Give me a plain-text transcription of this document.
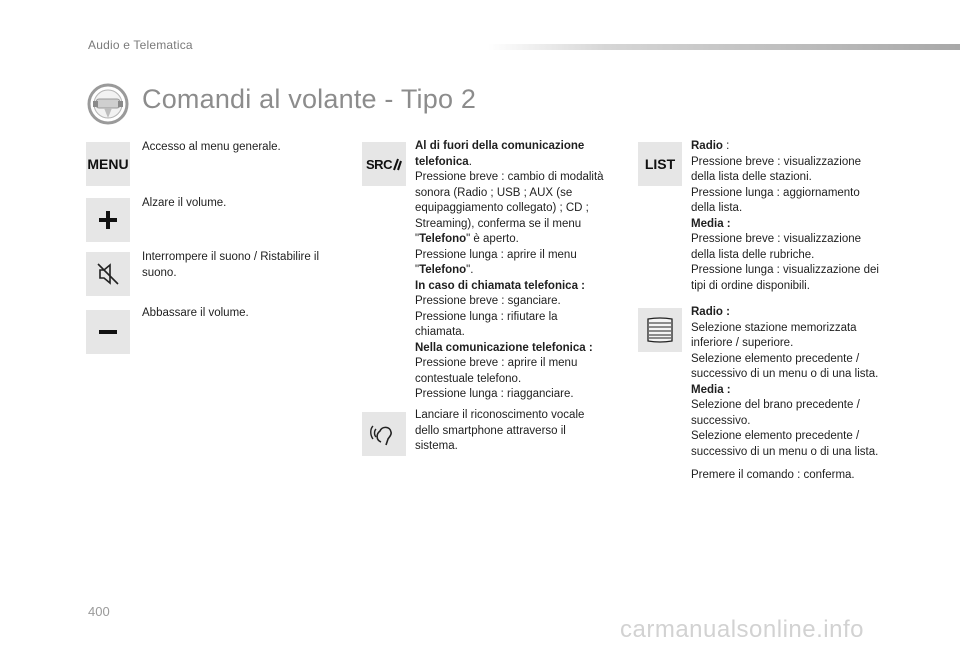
Audio e Telematica
Comandi al volante - Tipo 2
MENU
Accesso al menu generale.
Alzare il volume.
Interrompere il suono / Ristabilire il
suono.
Abbassare il volume.
SRC
Al di fuori della comunicazione
telefonica.
Pressione breve : cambio di modalità
sonora (Radio ; USB ; AUX (se
equipaggiamento collegato) ; CD ;
Streaming), conferma se il menu
"Telefono" è aperto.
Pressione lunga : aprire il menu
"Telefono".
In caso di chiamata telefonica :
Pressione breve : sganciare.
Pressione lunga : rifiutare la
chiamata.
Nella comunicazione telefonica :
Pressione breve : aprire il menu
contestuale telefono.
Pressione lunga : riagganciare.
Lanciare il riconoscimento vocale
dello smartphone attraverso il
sistema.
LIST
Radio :
Pressione breve : visualizzazione
della lista delle stazioni.
Pressione lunga : aggiornamento
della lista.
Media :
Pressione breve : visualizzazione
della lista delle rubriche.
Pressione lunga : visualizzazione dei
tipi di ordine disponibili.
Radio :
Selezione stazione memorizzata
inferiore / superiore.
Selezione elemento precedente /
successivo di un menu o di una lista.
Media :
Selezione del brano precedente /
successivo.
Selezione elemento precedente /
successivo di un menu o di una lista.
Premere il comando : conferma.
400
carmanualsonline.info
